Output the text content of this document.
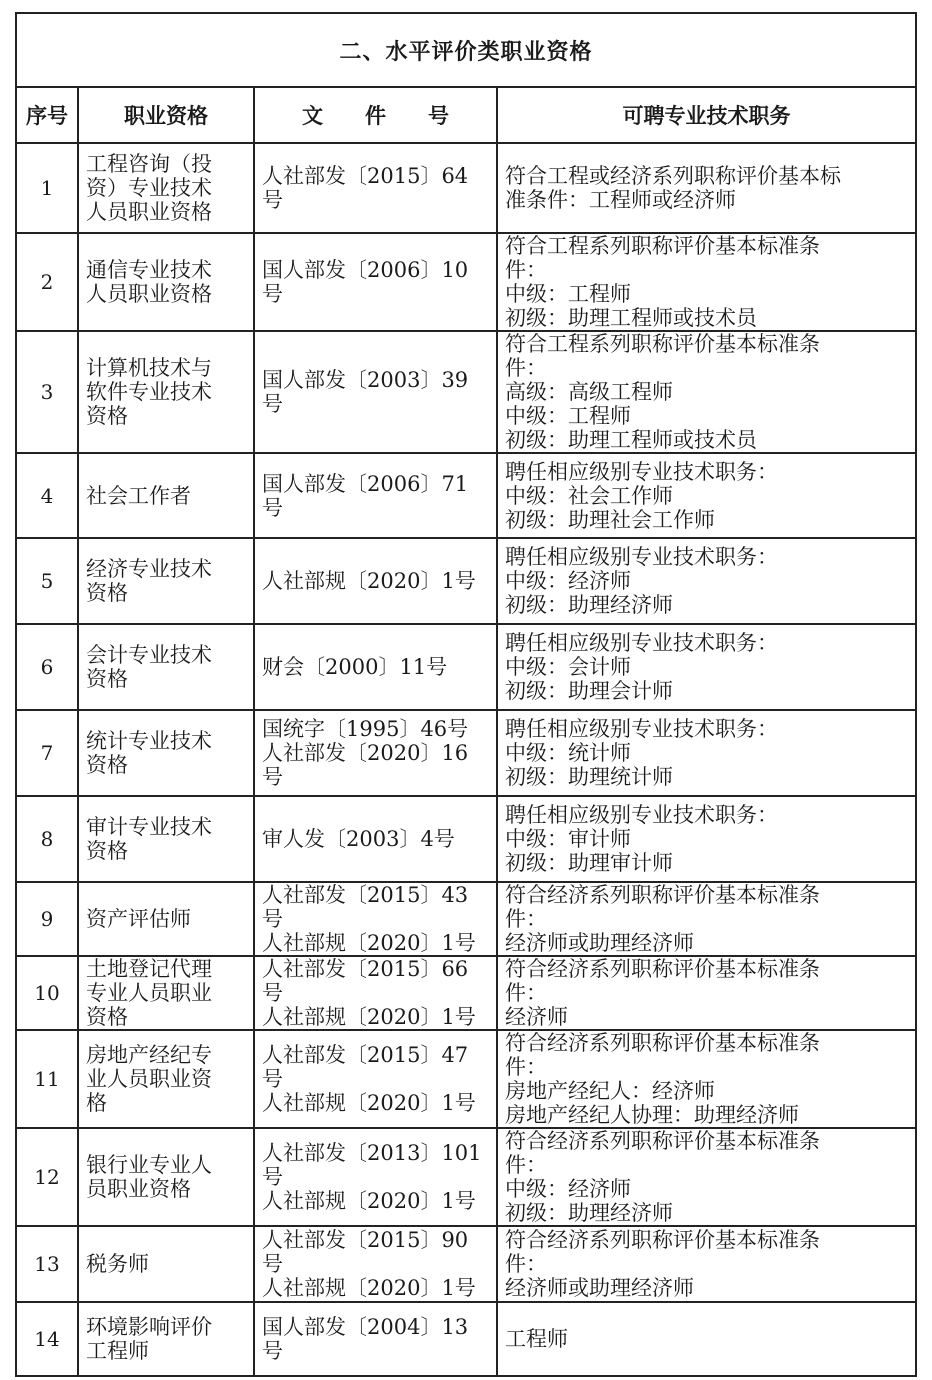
二、水平评价类职业资格			
序号	职业资格	文　　件　　号	可聘专业技术职务
1	工程咨询（投
资）专业技术
人员职业资格	人社部发〔2015〕64
号	符合工程或经济系列职称评价基本标
准条件：工程师或经济师

2	通信专业技术
人员职业资格	国人部发〔2006〕10
号	符合工程系列职称评价基本标准条
件：
中级：工程师
初级：助理工程师或技术员

3	计算机技术与
软件专业技术
资格	国人部发〔2003〕39
号	符合工程系列职称评价基本标准条
件：
高级：高级工程师
中级：工程师
初级：助理工程师或技术员

4	社会工作者	国人部发〔2006〕71
号	聘任相应级别专业技术职务：
中级：社会工作师
初级：助理社会工作师

5	经济专业技术
资格	人社部规〔2020〕1号	聘任相应级别专业技术职务：
中级：经济师
初级：助理经济师

6	会计专业技术
资格	财会〔2000〕11号	聘任相应级别专业技术职务：
中级：会计师
初级：助理会计师

7	统计专业技术
资格	国统字〔1995〕46号
人社部发〔2020〕16
号	聘任相应级别专业技术职务：
中级：统计师
初级：助理统计师

8	审计专业技术
资格	审人发〔2003〕4号	聘任相应级别专业技术职务：
中级：审计师
初级：助理审计师

9	资产评估师	人社部发〔2015〕43
号
人社部规〔2020〕1号	符合经济系列职称评价基本标准条
件：
经济师或助理经济师

10	土地登记代理
专业人员职业
资格	人社部发〔2015〕66
号
人社部规〔2020〕1号	符合经济系列职称评价基本标准条
件：
经济师

11	房地产经纪专
业人员职业资
格	人社部发〔2015〕47
号
人社部规〔2020〕1号	符合经济系列职称评价基本标准条
件：
房地产经纪人：经济师
房地产经纪人协理：助理经济师

12	银行业专业人
员职业资格	人社部发〔2013〕101
号
人社部规〔2020〕1号	符合经济系列职称评价基本标准条
件：
中级：经济师
初级：助理经济师

13	税务师	人社部发〔2015〕90
号
人社部规〔2020〕1号	符合经济系列职称评价基本标准条
件：
经济师或助理经济师

14	环境影响评价
工程师	国人部发〔2004〕13
号	工程师
